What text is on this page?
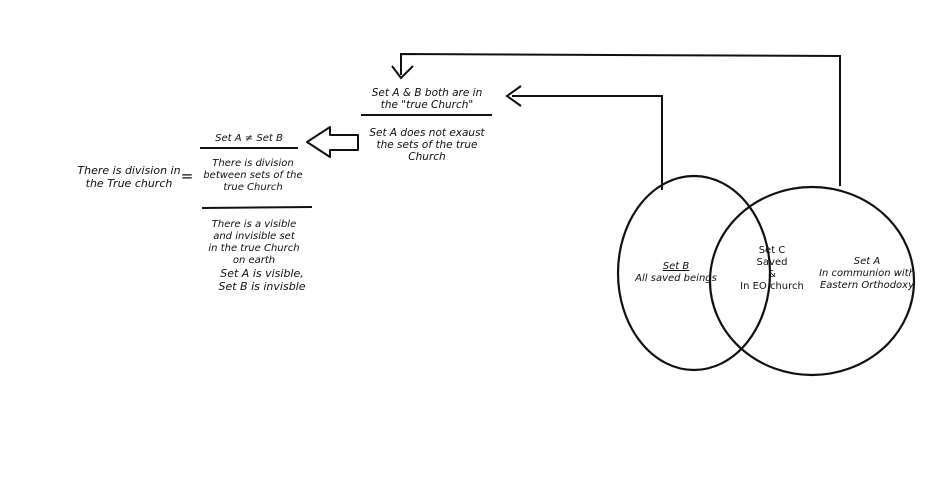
There is division in
the True church =
Set A ≠ Set B
There is division
between sets of the
true Church
There is a visible
and invisible set
in the true Church
on earth
Set A is visible,
Set B is invisble
Set A & B both are in
the "true Church"
Set A does not exaust
the sets of the true
Church
Set B
All saved beings
Set C
Saved
&
In EO church
Set A
In communion with
Eastern Orthodoxy
